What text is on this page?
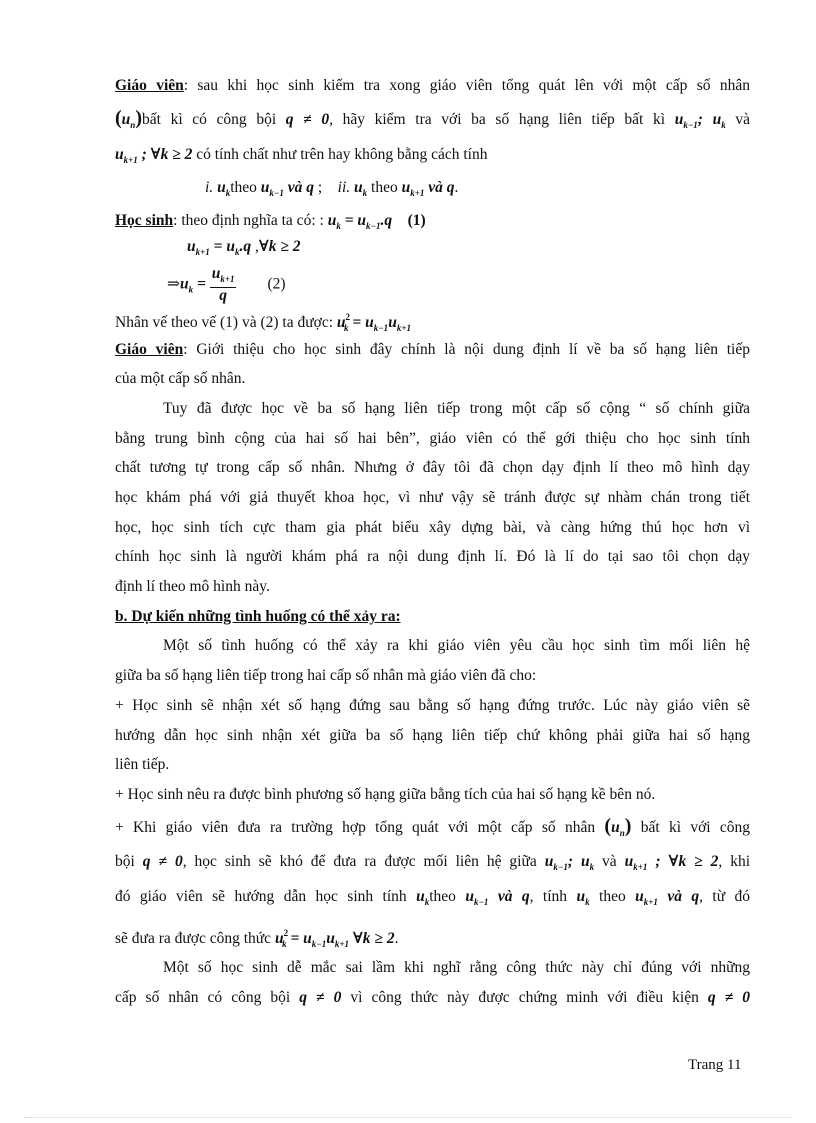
Giáo viên: sau khi học sinh kiểm tra xong giáo viên tổng quát lên với một cấp số nhân
$(u_n)bất$ kì có công bội q ≠ 0, hãy kiểm tra với ba số hạng liên tiếp bất kì $u_{k-1}$; $u_k$ và
$u_{k+1}$ ; ∀k ≥ 2 có tính chất như trên hay không bằng cách tính
i. $u_ktheo$ $u_{k-1}$ và q ;    ii. $u_k$ theo $u_{k+1}$ và q.
Học sinh: theo định nghĩa ta có: : $u_k = u_{k-1}.q$ (1)
$u_{k+1} = u_k.q$ ,∀k ≥ 2
$\Rightarrow u_k = \frac{u_{k+1}}{q} (2)$
Nhân vế theo vế (1) và (2) ta được: $u^2_k = u_{k-1}u_{k+1}$
Giáo viên: Giới thiệu cho học sinh đây chính là nội dung định lí về ba số hạng liên tiếp
của một cấp số nhân.
Tuy đã được học về ba số hạng liên tiếp trong một cấp số cộng “ số chính giữa
bằng trung bình cộng của hai số hai bên”, giáo viên có thể gới thiệu cho học sinh tính
chất tương tự trong cấp số nhân. Nhưng ở đây tôi đã chọn dạy định lí theo mô hình dạy
học khám phá với giả thuyết khoa học, vì như vậy sẽ tránh được sự nhàm chán trong tiết
học, học sinh tích cực tham gia phát biểu xây dựng bài, và càng hứng thú học hơn vì
chính học sinh là người khám phá ra nội dung định lí. Đó là lí do tại sao tôi chọn dạy
định lí theo mô hình này.
b. Dự kiến những tình huống có thể xảy ra:
Một số tình huống có thể xảy ra khi giáo viên yêu cầu học sinh tìm mối liên hệ
giữa ba số hạng liên tiếp trong hai cấp số nhân mà giáo viên đã cho:
+ Học sinh sẽ nhận xét số hạng đứng sau bằng số hạng đứng trước. Lúc này giáo viên sẽ
hướng dẫn học sinh nhận xét giữa ba số hạng liên tiếp chứ không phải giữa hai số hạng
liên tiếp.
+ Học sinh nêu ra được bình phương số hạng giữa bằng tích của hai số hạng kề bên nó.
+ Khi giáo viên đưa ra trường hợp tổng quát với một cấp số nhân $(u_n)$ bất kì với công
bội q ≠ 0, học sinh sẽ khó để đưa ra được mối liên hệ giữa $u_{k-1}$; $u_k$ và $u_{k+1}$ ; ∀k ≥ 2, khi
đó giáo viên sẽ hướng dẫn học sinh tính $u_ktheo$ $u_{k-1}$ và q, tính $u_k$ theo $u_{k+1}$ và q, từ đó
sẽ đưa ra được công thức $u^2_k = u_{k-1}u_{k+1}$ ∀k ≥ 2.
Một số học sinh dễ mắc sai lầm khi nghĩ rằng công thức này chỉ đúng với những
cấp số nhân có công bội q ≠ 0 vì công thức này được chứng minh với điều kiện q ≠ 0
Trang 11
